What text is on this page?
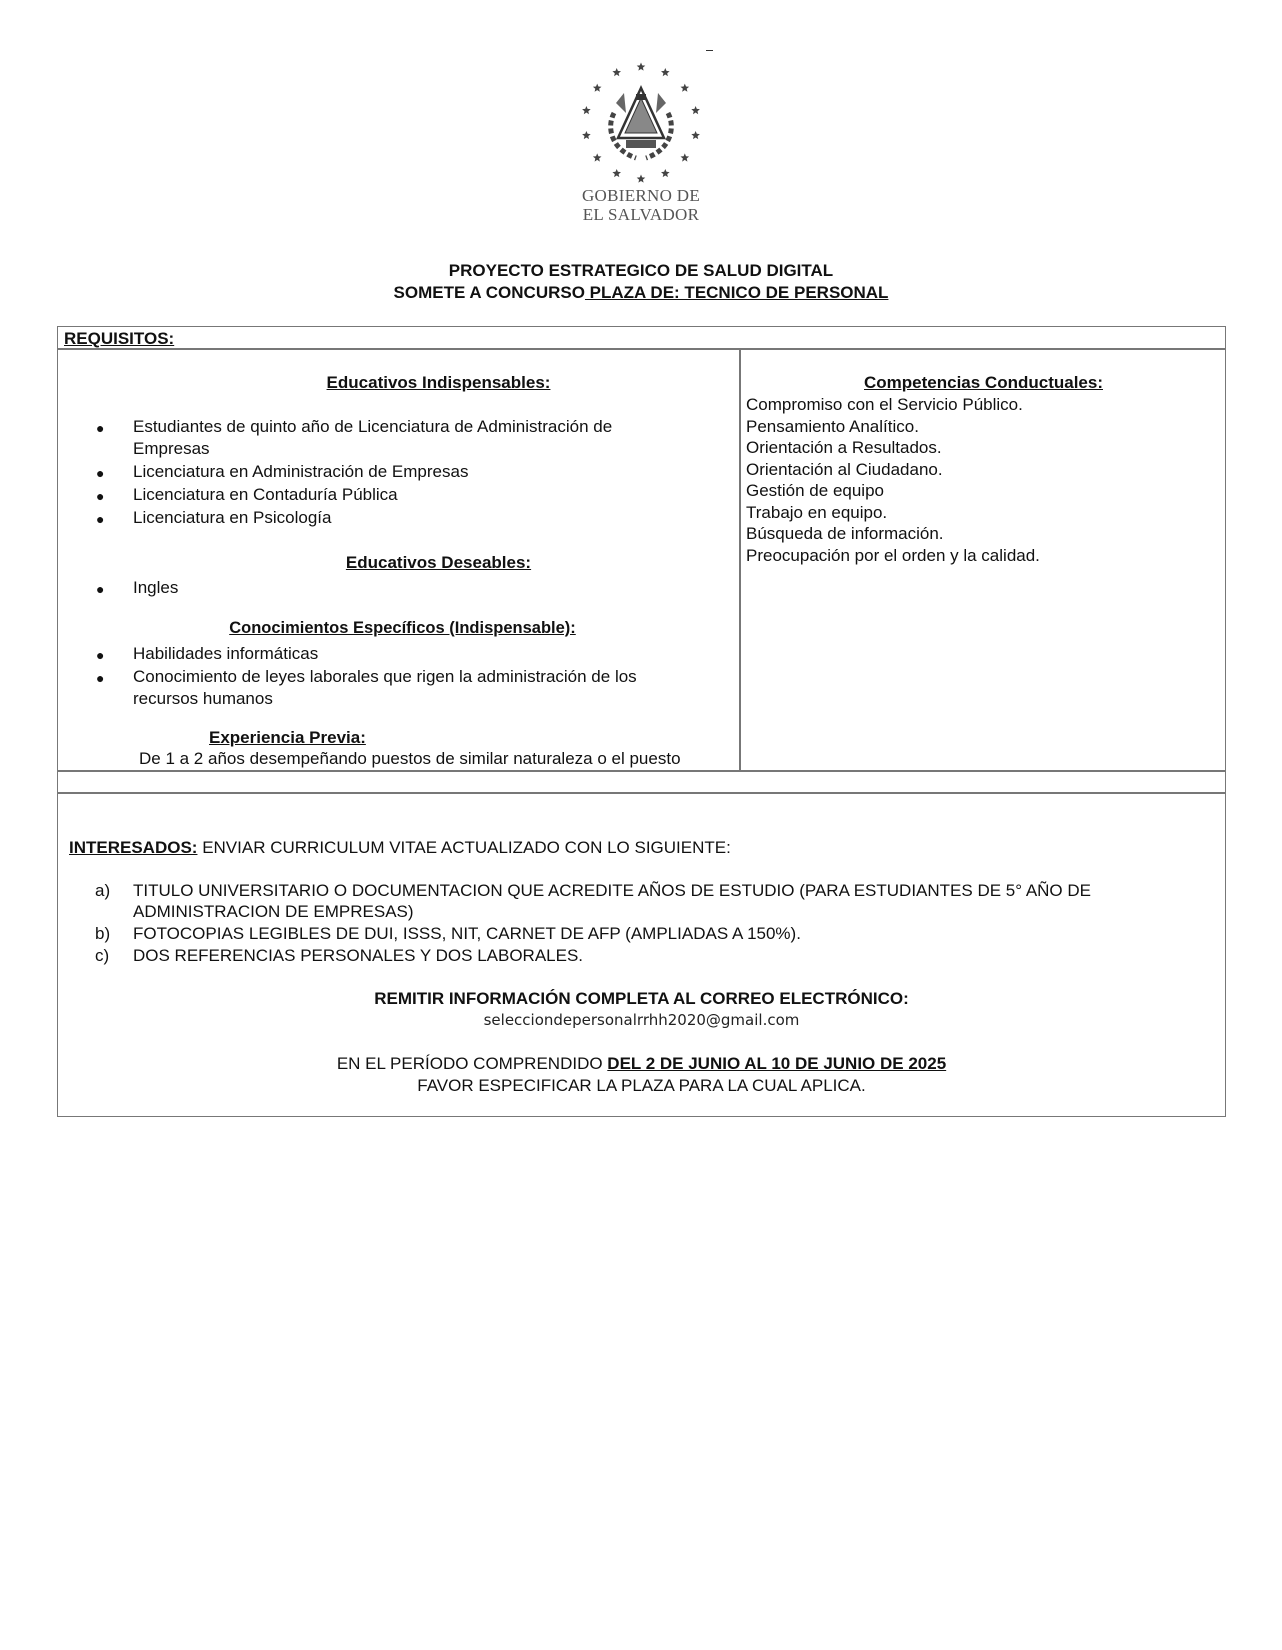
GOBIERNO DE
EL SALVADOR
PROYECTO ESTRATEGICO DE SALUD DIGITAL
SOMETE A CONCURSO PLAZA DE: TECNICO DE PERSONAL
REQUISITOS:
Educativos Indispensables:
● Estudiantes de quinto año de Licenciatura de Administración de
Empresas
● Licenciatura en Administración de Empresas
● Licenciatura en Contaduría Pública
● Licenciatura en Psicología
Educativos Deseables:
● Ingles
Conocimientos Específicos (Indispensable):
● Habilidades informáticas
● Conocimiento de leyes laborales que rigen la administración de los
recursos humanos
Experiencia Previa:
De 1 a 2 años desempeñando puestos de similar naturaleza o el puesto
Competencias Conductuales:
Compromiso con el Servicio Público.
Pensamiento Analítico.
Orientación a Resultados.
Orientación al Ciudadano.
Gestión de equipo
Trabajo en equipo.
Búsqueda de información.
Preocupación por el orden y la calidad.
INTERESADOS: ENVIAR CURRICULUM VITAE ACTUALIZADO CON LO SIGUIENTE:
a) TITULO UNIVERSITARIO O DOCUMENTACION QUE ACREDITE AÑOS DE ESTUDIO (PARA ESTUDIANTES DE 5° AÑO DE
ADMINISTRACION DE EMPRESAS)
b) FOTOCOPIAS LEGIBLES DE DUI, ISSS, NIT, CARNET DE AFP (AMPLIADAS A 150%).
c) DOS REFERENCIAS PERSONALES Y DOS LABORALES.
REMITIR INFORMACIÓN COMPLETA AL CORREO ELECTRÓNICO:
selecciondepersonalrrhh2020@gmail.com
EN EL PERÍODO COMPRENDIDO DEL 2 DE JUNIO AL 10 DE JUNIO DE 2025
FAVOR ESPECIFICAR LA PLAZA PARA LA CUAL APLICA.
